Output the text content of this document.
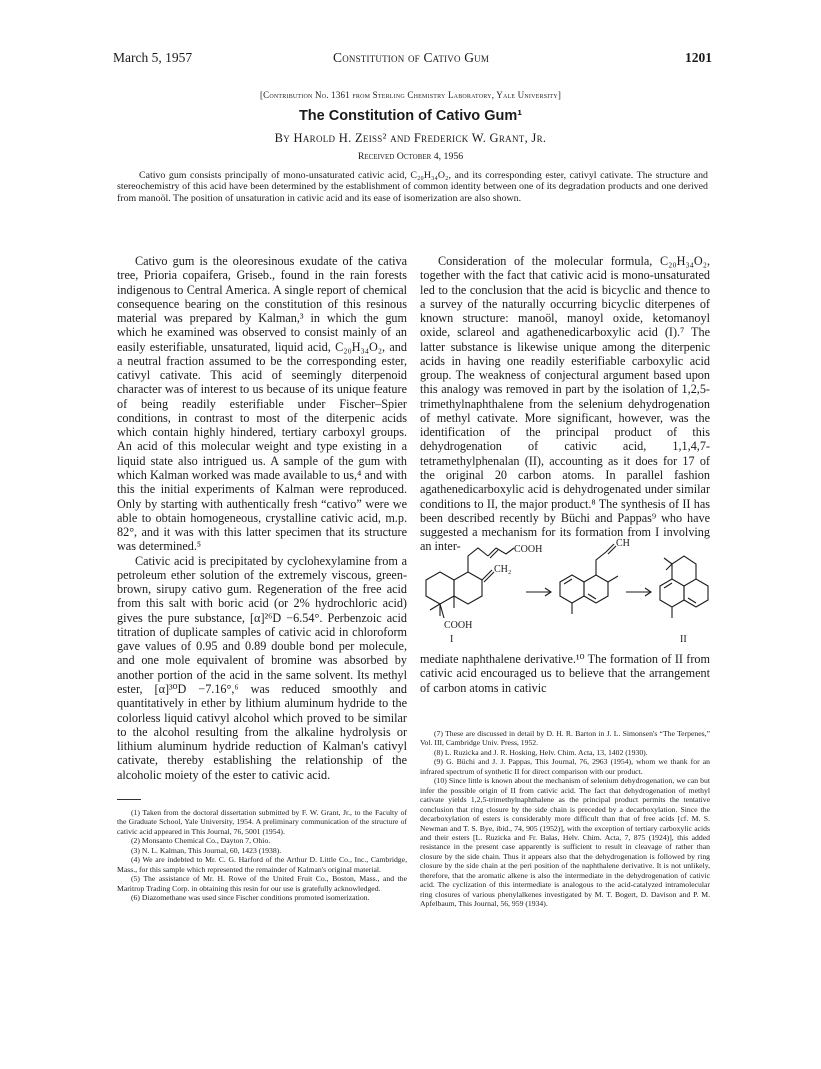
March 5, 1957	Constitution of Cativo Gum	1201
[Contribution No. 1361 from Sterling Chemistry Laboratory, Yale University]
The Constitution of Cativo Gum¹
By Harold H. Zeiss² and Frederick W. Grant, Jr.
Received October 4, 1956
Cativo gum consists principally of mono-unsaturated cativic acid, C₂₀H₃₄O₂, and its corresponding ester, cativyl cativate. The structure and stereochemistry of this acid have been determined by the establishment of common identity between one of its degradation products and one derived from manoöl. The position of unsaturation in cativic acid and its ease of isomerization are also shown.

Cativo gum is the oleoresinous exudate of the cativa tree, Prioria copaifera, Griseb., found in the rain forests indigenous to Central America. A single report of chemical consequence bearing on the constitution of this resinous material was prepared by Kalman,³ in which the gum which he examined was observed to consist mainly of an easily esterifiable, unsaturated, liquid acid, C₂₀H₃₄O₂, and a neutral fraction assumed to be the corresponding ester, cativyl cativate. This acid of seemingly diterpenoid character was of interest to us because of its unique feature of being readily esterifiable under Fischer–Spier conditions, in contrast to most of the diterpenic acids which contain highly hindered, tertiary carboxyl groups. An acid of this molecular weight and type existing in a liquid state also intrigued us. A sample of the gum with which Kalman worked was made available to us,⁴ and with this the initial experiments of Kalman were reproduced. Only by starting with authentically fresh “cativo” were we able to obtain homogeneous, crystalline cativic acid, m.p. 82°, and it was with this latter specimen that its structure was determined.⁵

Cativic acid is precipitated by cyclohexylamine from a petroleum ether solution of the extremely viscous, green-brown, sirupy cativo gum. Regeneration of the free acid from this salt with boric acid (or 2% hydrochloric acid) gives the pure substance, [α]²⁶D −6.54°. Perbenzoic acid titration of duplicate samples of cativic acid in chloroform gave values of 0.95 and 0.89 double bond per molecule, and one mole equivalent of bromine was absorbed by another portion of the acid in the same solvent. Its methyl ester, [α]³⁰D −7.16°,⁶ was reduced smoothly and quantitatively in ether by lithium aluminum hydride to the colorless liquid cativyl alcohol which proved to be similar to the alcohol resulting from the alkaline hydrolysis or lithium aluminum hydride reduction of Kalman's cativyl cativate, thereby establishing the relationship of the alcoholic moiety of the ester to cativic acid.

(1) Taken from the doctoral dissertation submitted by F. W. Grant, Jr., to the Faculty of the Graduate School, Yale University, 1954. A preliminary communication of the structure of cativic acid appeared in This Journal, 76, 5001 (1954).

(2) Monsanto Chemical Co., Dayton 7, Ohio.

(3) N. L. Kalman, This Journal, 60, 1423 (1938).

(4) We are indebted to Mr. C. G. Harford of the Arthur D. Little Co., Inc., Cambridge, Mass., for this sample which represented the remainder of Kalman's original material.

(5) The assistance of Mr. H. Rowe of the United Fruit Co., Boston, Mass., and the Maritrop Trading Corp. in obtaining this resin for our use is gratefully acknowledged.

(6) Diazomethane was used since Fischer conditions promoted isomerization.

Consideration of the molecular formula, C₂₀H₃₄O₂, together with the fact that cativic acid is mono-unsaturated led to the conclusion that the acid is bicyclic and thence to a survey of the naturally occurring bicyclic diterpenes of known structure: manoöl, manoyl oxide, ketomanoyl oxide, sclareol and agathenedicarboxylic acid (I).⁷ The latter substance is likewise unique among the diterpenic acids in having one readily esterifiable carboxylic acid group. The weakness of conjectural argument based upon this analogy was removed in part by the isolation of 1,2,5-trimethylnaphthalene from the selenium dehydrogenation of methyl cativate. More significant, however, was the identification of the principal product of this dehydrogenation of cativic acid, 1,1,4,7-tetramethylphenalan (II), accounting as it does for 17 of the original 20 carbon atoms. In parallel fashion agathenedicarboxylic acid is dehydrogenated under similar conditions to II, the major product.⁸ The synthesis of II has been described recently by Büchi and Pappas⁹ who have suggested a mechanism for its formation from I involving an inter-	COOH
CH₂
COOH
CH
I	II

mediate naphthalene derivative.¹⁰ The formation of II from cativic acid encouraged us to believe that the arrangement of carbon atoms in cativic

(7) These are discussed in detail by D. H. R. Barton in J. L. Simonsen's “The Terpenes,” Vol. III, Cambridge Univ. Press, 1952.

(8) L. Ruzicka and J. R. Hosking, Helv. Chim. Acta, 13, 1402 (1930).

(9) G. Büchi and J. J. Pappas, This Journal, 76, 2963 (1954), whom we thank for an infrared spectrum of synthetic II for direct comparison with our product.

(10) Since little is known about the mechanism of selenium dehydrogenation, we can but infer the possible origin of II from cativic acid. The fact that dehydrogenation of methyl cativate yields 1,2,5-trimethylnaphthalene as the principal product permits the tentative conclusion that ring closure by the side chain is preceded by a decarboxylation. Since the decarboxylation of esters is considerably more difficult than that of free acids [cf. M. S. Newman and T. S. Bye, ibid., 74, 905 (1952)], with the exception of tertiary carboxylic acids and their esters [L. Ruzicka and Fr. Balas, Helv. Chim. Acta, 7, 875 (1924)], this added resistance in the present case apparently is sufficient to result in cleavage of rather than closure by the side chain. Thus it appears also that the dehydrogenation is followed by ring closure by the side chain at the peri position of the naphthalene derivative. It is not unlikely, therefore, that the aromatic alkene is also the intermediate in the dehydrogenation of cativic acid. The cyclization of this intermediate is analogous to the acid-catalyzed intramolecular ring closures of various phenylalkenes investigated by M. T. Bogert, D. Davison and P. M. Apfelbaum, This Journal, 56, 959 (1934).
